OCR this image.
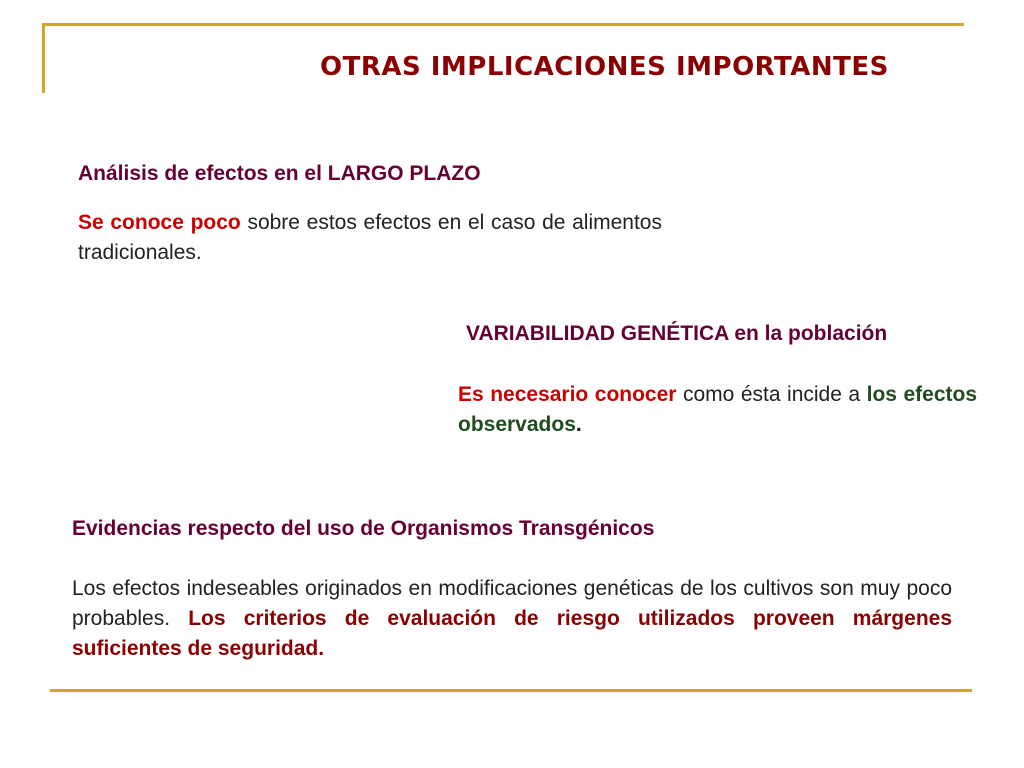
OTRAS IMPLICACIONES IMPORTANTES
Análisis de efectos en el LARGO PLAZO

Se conoce poco sobre estos efectos en el caso de alimentos tradicionales.

VARIABILIDAD GENÉTICA en la población

Es necesario conocer como ésta incide a los efectos observados.

Evidencias respecto del uso de Organismos Transgénicos

Los efectos indeseables originados en modificaciones genéticas de los cultivos son muy poco probables. Los criterios de evaluación de riesgo utilizados proveen márgenes suficientes de seguridad.
